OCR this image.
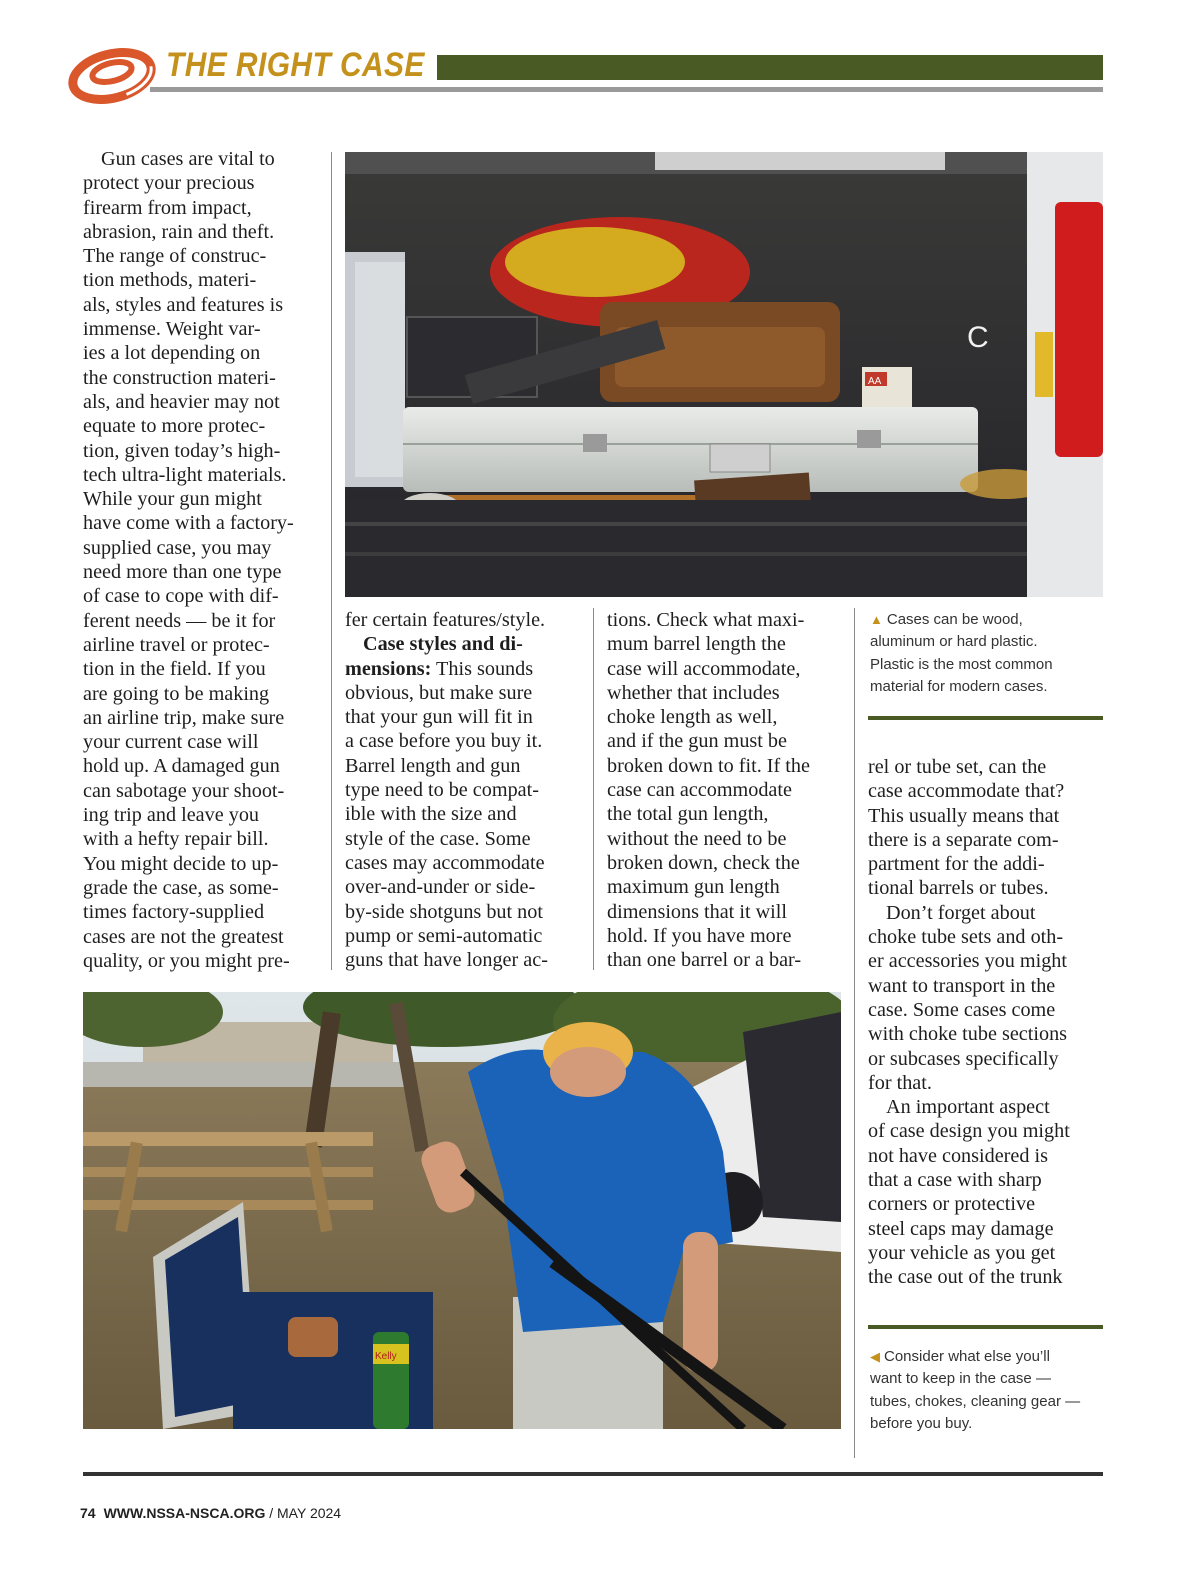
THE RIGHT CASE

Gun cases are vital to
protect your precious
firearm from impact,
abrasion, rain and theft.
The range of construc-
tion methods, materi-
als, styles and features is
immense. Weight var-
ies a lot depending on
the construction materi-
als, and heavier may not
equate to more protec-
tion, given today’s high-
tech ultra-light materials.
While your gun might
have come with a factory-
supplied case, you may
need more than one type
of case to cope with dif-
ferent needs — be it for
airline travel or protec-
tion in the field. If you
are going to be making
an airline trip, make sure
your current case will
hold up. A damaged gun
can sabotage your shoot-
ing trip and leave you
with a hefty repair bill.
You might decide to up-
grade the case, as some-
times factory-supplied
cases are not the greatest
quality, or you might pre-

AA
C

fer certain features/style.
Case styles and di-
mensions: This sounds
obvious, but make sure
that your gun will fit in
a case before you buy it.
Barrel length and gun
type need to be compat-
ible with the size and
style of the case. Some
cases may accommodate
over-and-under or side-
by-side shotguns but not
pump or semi-automatic
guns that have longer ac-

tions. Check what maxi-
mum barrel length the
case will accommodate,
whether that includes
choke length as well,
and if the gun must be
broken down to fit. If the
case can accommodate
the total gun length,
without the need to be
broken down, check the
maximum gun length
dimensions that it will
hold. If you have more
than one barrel or a bar-

▲ Cases can be wood,
aluminum or hard plastic.
Plastic is the most common
material for modern cases.

rel or tube set, can the
case accommodate that?
This usually means that
there is a separate com-
partment for the addi-
tional barrels or tubes.
Don’t forget about
choke tube sets and oth-
er accessories you might
want to transport in the
case. Some cases come
with choke tube sections
or subcases specifically
for that.
An important aspect
of case design you might
not have considered is
that a case with sharp
corners or protective
steel caps may damage
your vehicle as you get
the case out of the trunk

Kelly	◀ Consider what else you’ll
want to keep in the case —
tubes, chokes, cleaning gear —
before you buy.

74 WWW.NSSA-NSCA.ORG / MAY 2024
